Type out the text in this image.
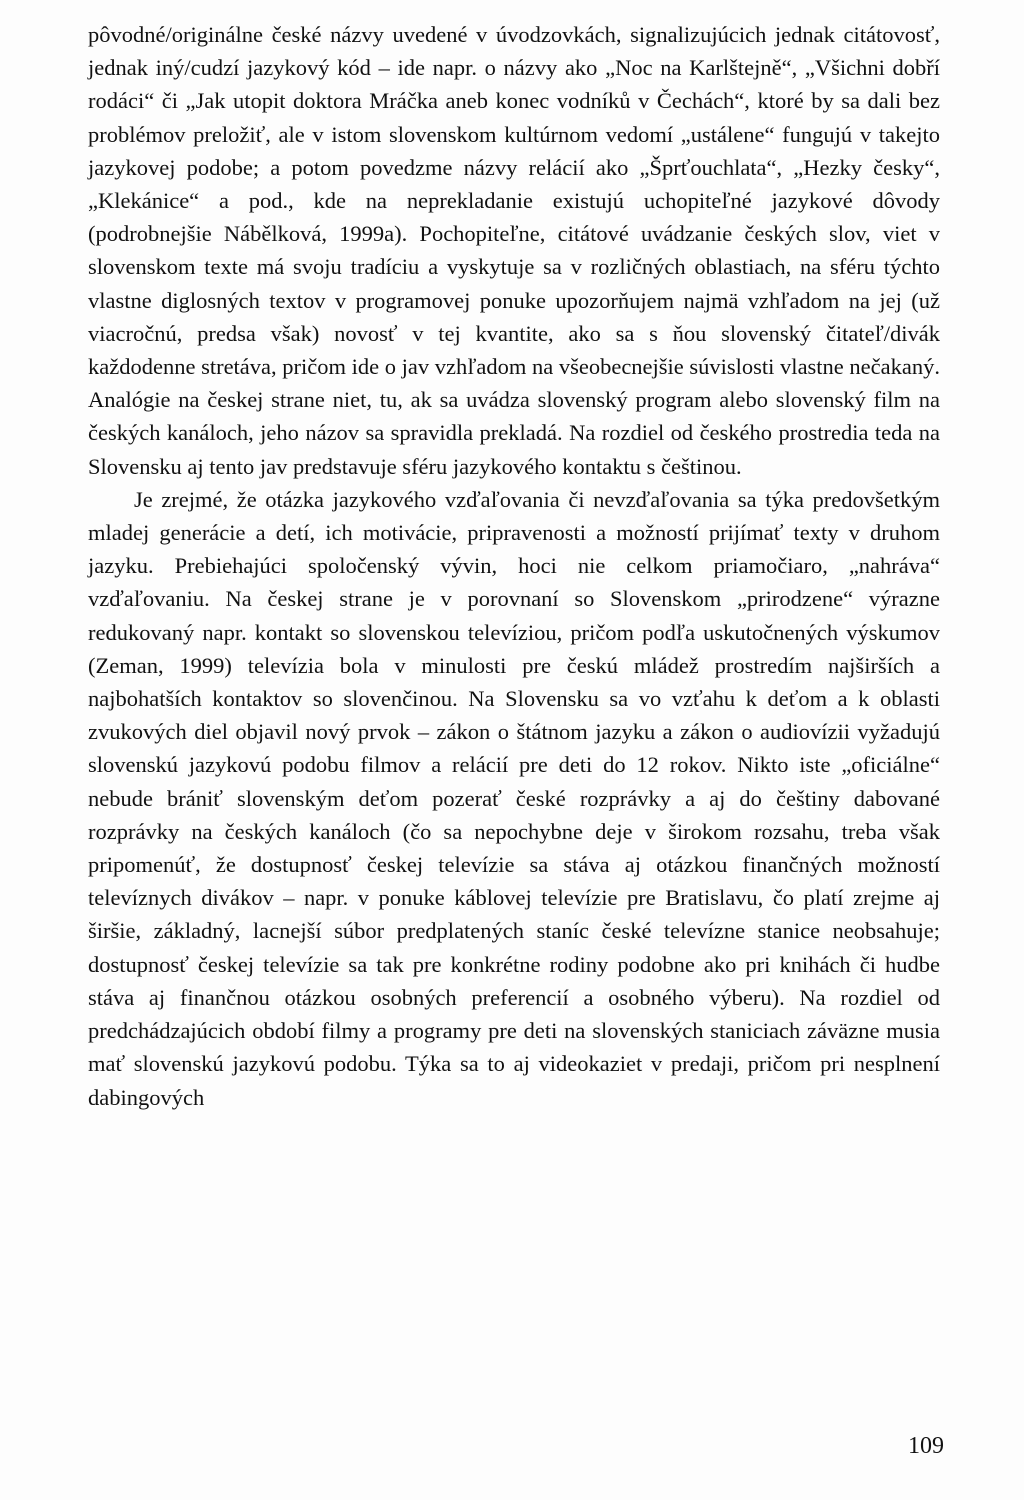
pôvodné/originálne české názvy uvedené v úvodzovkách, signalizujúcich jednak citátovosť, jednak iný/cudzí jazykový kód – ide napr. o názvy ako „Noc na Karlštejně“, „Všichni dobří rodáci“ či „Jak utopit doktora Mráčka aneb konec vodníků v Čechách“, ktoré by sa dali bez problémov preložiť, ale v istom slovenskom kultúrnom vedomí „ustálene“ fungujú v takejto jazykovej podobe; a potom povedzme názvy relácií ako „Šprťouchlata“, „Hezky česky“, „Klekánice“ a pod., kde na neprekladanie existujú uchopiteľné jazykové dôvody (podrobnejšie Nábělková, 1999a). Pochopiteľne, citátové uvádzanie českých slov, viet v slovenskom texte má svoju tradíciu a vyskytuje sa v rozličných oblastiach, na sféru týchto vlastne diglosných textov v programovej ponuke upozorňujem najmä vzhľadom na jej (už viacročnú, predsa však) novosť v tej kvantite, ako sa s ňou slovenský čitateľ/divák každodenne stretáva, pričom ide o jav vzhľadom na všeobecnejšie súvislosti vlastne nečakaný. Analógie na českej strane niet, tu, ak sa uvádza slovenský program alebo slovenský film na českých kanáloch, jeho názov sa spravidla prekladá. Na rozdiel od českého prostredia teda na Slovensku aj tento jav predstavuje sféru jazykového kontaktu s češtinou.

Je zrejmé, že otázka jazykového vzďaľovania či nevzďaľovania sa týka predovšetkým mladej generácie a detí, ich motivácie, pripravenosti a možností prijímať texty v druhom jazyku. Prebiehajúci spoločenský vývin, hoci nie celkom priamočiaro, „nahráva“ vzďaľovaniu. Na českej strane je v porovnaní so Slovenskom „prirodzene“ výrazne redukovaný napr. kontakt so slovenskou televíziou, pričom podľa uskutočnených výskumov (Zeman, 1999) televízia bola v minulosti pre českú mládež prostredím najširších a najbohatších kontaktov so slovenčinou. Na Slovensku sa vo vzťahu k deťom a k oblasti zvukových diel objavil nový prvok – zákon o štátnom jazyku a zákon o audiovízii vyžadujú slovenskú jazykovú podobu filmov a relácií pre deti do 12 rokov. Nikto iste „oficiálne“ nebude brániť slovenským deťom pozerať české rozprávky a aj do češtiny dabované rozprávky na českých kanáloch (čo sa nepochybne deje v širokom rozsahu, treba však pripomenúť, že dostupnosť českej televízie sa stáva aj otázkou finančných možností televíznych divákov – napr. v ponuke káblovej televízie pre Bratislavu, čo platí zrejme aj širšie, základný, lacnejší súbor predplatených staníc české televízne stanice neobsahuje; dostupnosť českej televízie sa tak pre konkrétne rodiny podobne ako pri knihách či hudbe stáva aj finančnou otázkou osobných preferencií a osobného výberu). Na rozdiel od predchádzajúcich období filmy a programy pre deti na slovenských staniciach záväzne musia mať slovenskú jazykovú podobu. Týka sa to aj videokaziet v predaji, pričom pri nesplnení dabingových

109
